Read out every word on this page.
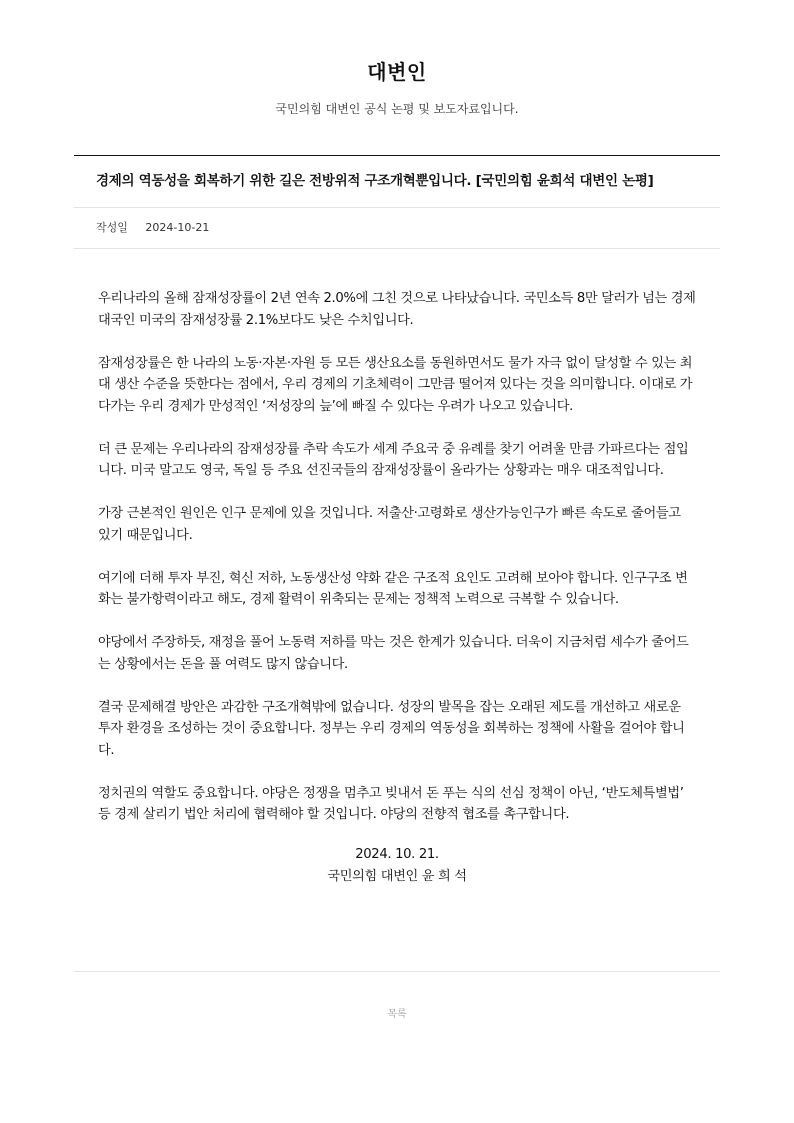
대변인
국민의힘 대변인 공식 논평 및 보도자료입니다.
경제의 역동성을 회복하기 위한 길은 전방위적 구조개혁뿐입니다. [국민의힘 윤희석 대변인 논평]
작성일 2024-10-21

우리나라의 올해 잠재성장률이 2년 연속 2.0%에 그친 것으로 나타났습니다. 국민소득 8만 달러가 넘는 경제대국인 미국의 잠재성장률 2.1%보다도 낮은 수치입니다.

잠재성장률은 한 나라의 노동·자본·자원 등 모든 생산요소를 동원하면서도 물가 자극 없이 달성할 수 있는 최대 생산 수준을 뜻한다는 점에서, 우리 경제의 기초체력이 그만큼 떨어져 있다는 것을 의미합니다. 이대로 가다가는 우리 경제가 만성적인 ‘저성장의 늪’에 빠질 수 있다는 우려가 나오고 있습니다.

더 큰 문제는 우리나라의 잠재성장률 추락 속도가 세계 주요국 중 유례를 찾기 어려울 만큼 가파르다는 점입니다. 미국 말고도 영국, 독일 등 주요 선진국들의 잠재성장률이 올라가는 상황과는 매우 대조적입니다.

가장 근본적인 원인은 인구 문제에 있을 것입니다. 저출산·고령화로 생산가능인구가 빠른 속도로 줄어들고 있기 때문입니다.

여기에 더해 투자 부진, 혁신 저하, 노동생산성 약화 같은 구조적 요인도 고려해 보아야 합니다. 인구구조 변화는 불가항력이라고 해도, 경제 활력이 위축되는 문제는 정책적 노력으로 극복할 수 있습니다.

야당에서 주장하듯, 재정을 풀어 노동력 저하를 막는 것은 한계가 있습니다. 더욱이 지금처럼 세수가 줄어드는 상황에서는 돈을 풀 여력도 많지 않습니다.

결국 문제해결 방안은 과감한 구조개혁밖에 없습니다. 성장의 발목을 잡는 오래된 제도를 개선하고 새로운 투자 환경을 조성하는 것이 중요합니다. 정부는 우리 경제의 역동성을 회복하는 정책에 사활을 걸어야 합니다.

정치권의 역할도 중요합니다. 야당은 정쟁을 멈추고 빚내서 돈 푸는 식의 선심 정책이 아닌, ‘반도체특별법’ 등 경제 살리기 법안 처리에 협력해야 할 것입니다. 야당의 전향적 협조를 촉구합니다.

2024. 10. 21.
국민의힘 대변인 윤 희 석
목록
